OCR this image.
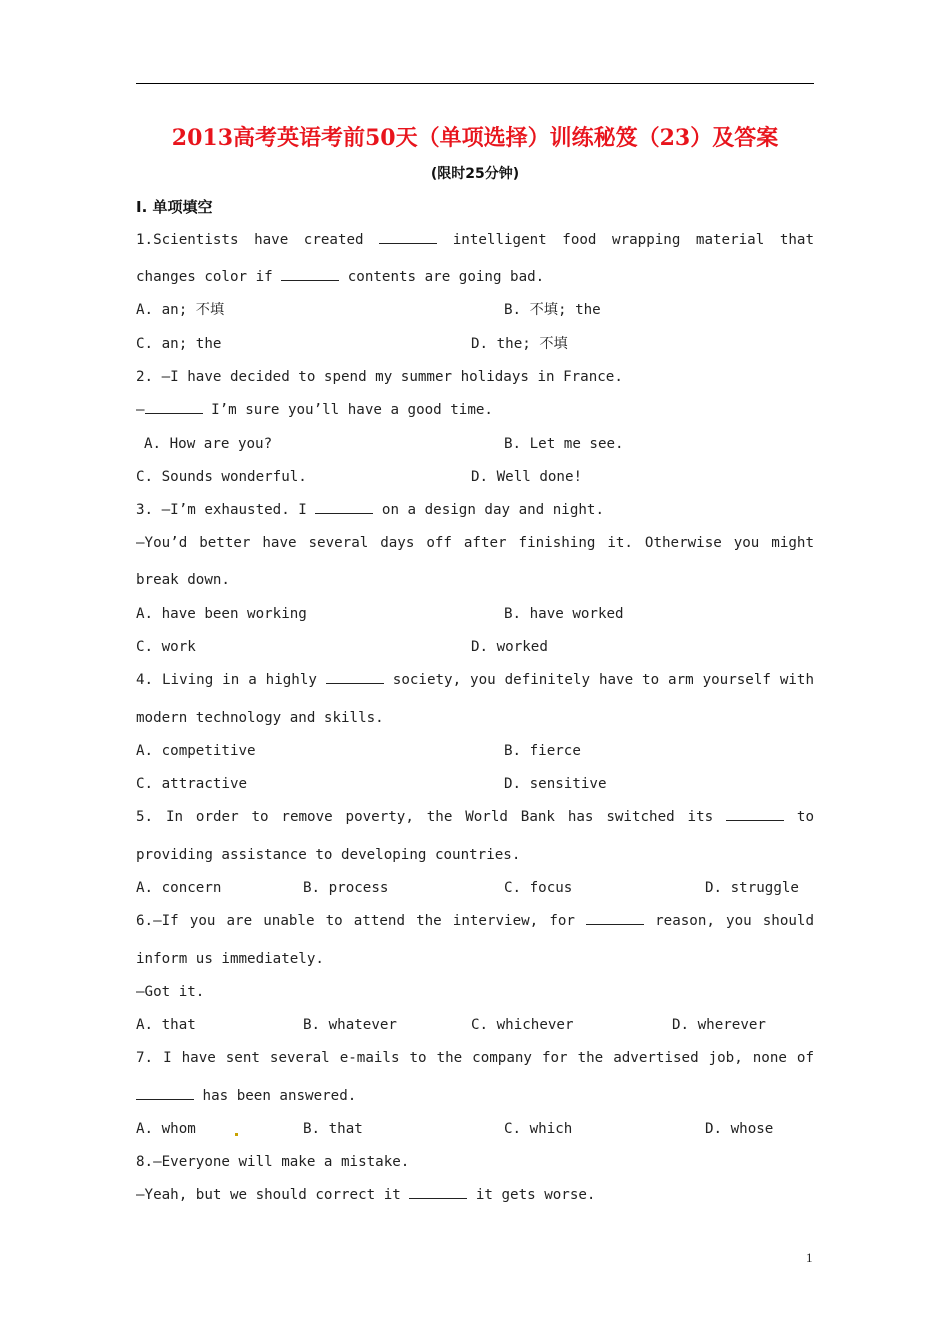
2013高考英语考前50天（单项选择）训练秘笈（23）及答案
(限时25分钟)
Ⅰ. 单项填空
1.Scientists have created	intelligent food wrapping material that
changes color if	contents are going bad.
A. an; 不填	B. 不填; the
C. an; the	D. the; 不填
2. —I have decided to spend my summer holidays in France.
—	I’m sure you’ll have a good time.
A. How are you?	B. Let me see.
C. Sounds wonderful.	D. Well done!
3. —I’m exhausted. I	on a design day and night.
—You’d better have several days off after finishing it. Otherwise you might
break down.
A. have been working	B. have worked
C. work	D. worked
4. Living in a highly	society, you definitely have to arm yourself with
modern technology and skills.
A. competitive	B. fierce
C. attractive	D. sensitive
5. In order to remove poverty, the World Bank has switched its	to
providing assistance to developing countries.
A. concern	B. process	C. focus	D. struggle
6.—If you are unable to attend the interview, for	reason, you should
inform us immediately.
—Got it.
A. that	B. whatever	C. whichever	D. wherever
7. I have sent several e-mails to the company for the advertised job, none of
has been answered.
A. whom	B. that	C. which	D. whose
8.—Everyone will make a mistake.
—Yeah, but we should correct it	it gets worse.
1
